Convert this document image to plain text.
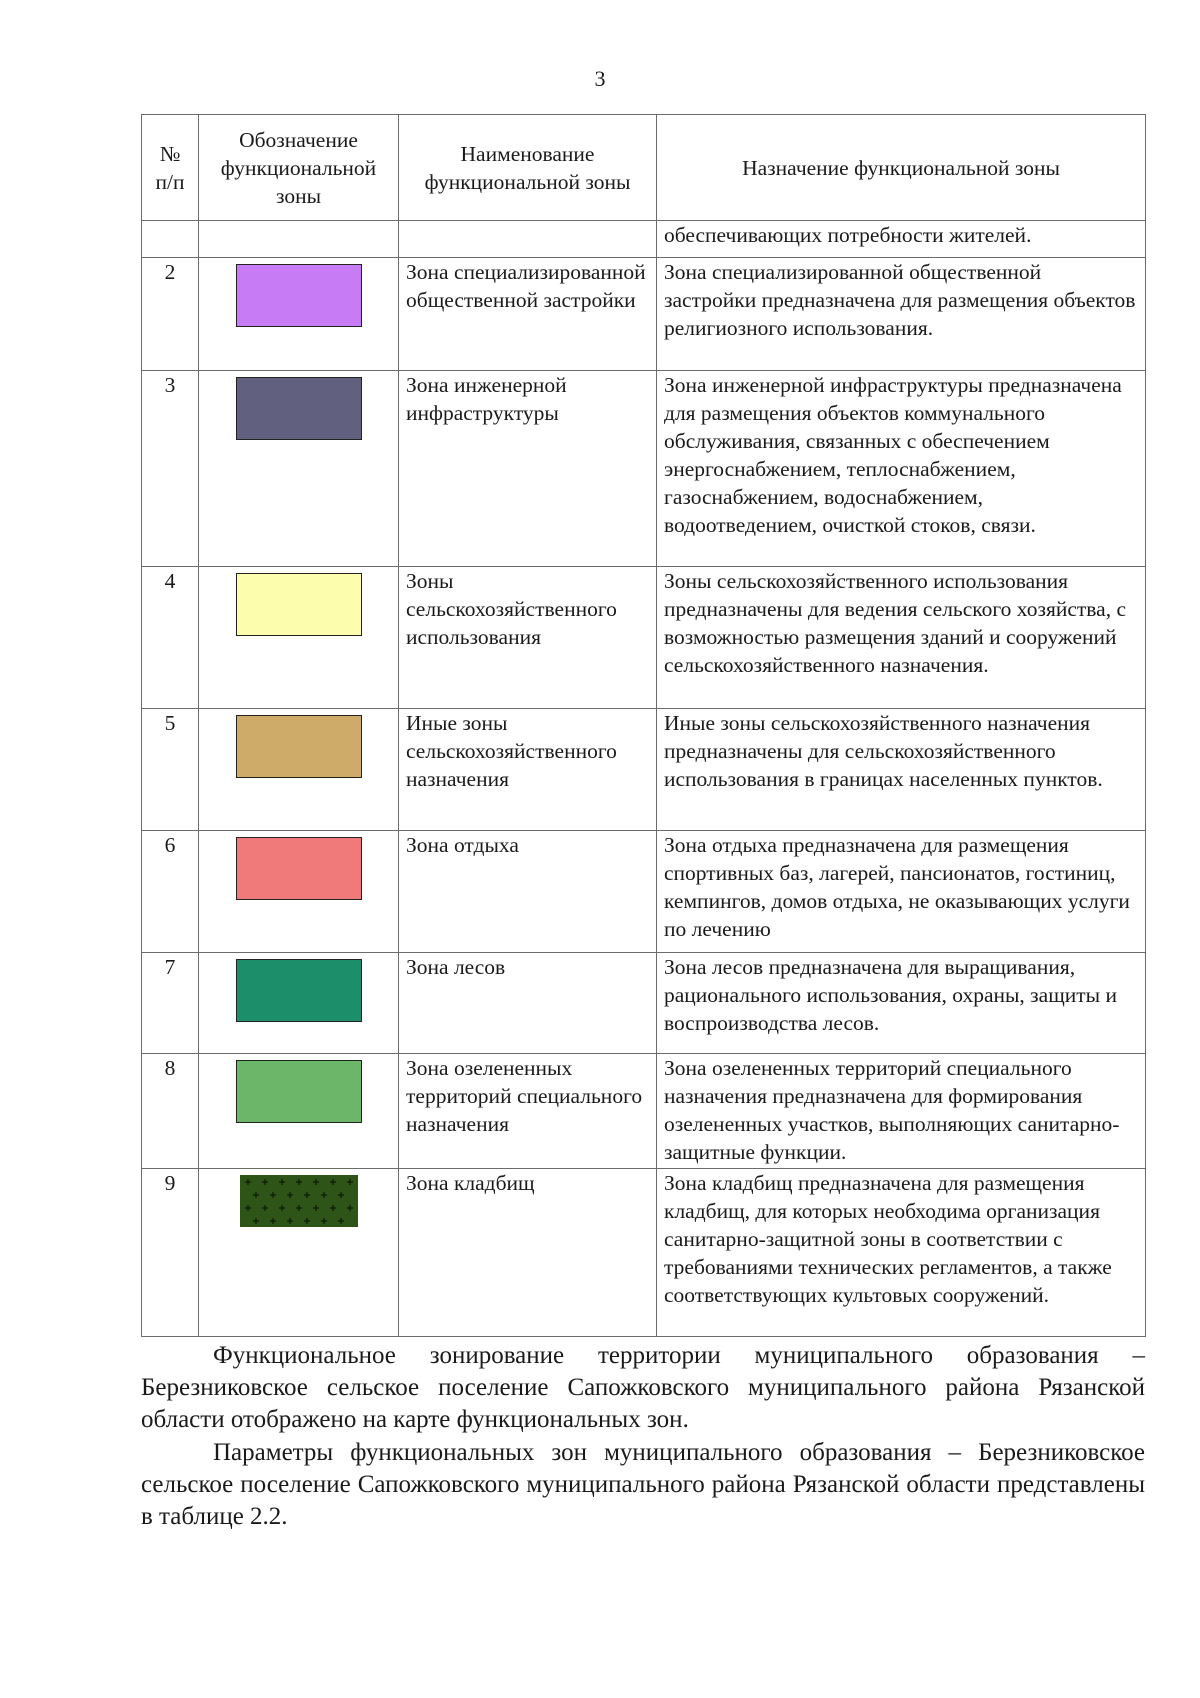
3
№ п/п	Обозначение функциональной зоны	Наименование функциональной зоны	Назначение функциональной зоны
			обеспечивающих потребности жителей.
2		Зона специализированной общественной застройки	Зона специализированной общественной застройки предназначена для размещения объектов религиозного использования.
3		Зона инженерной инфраструктуры	Зона инженерной инфраструктуры предназначена для размещения объектов коммунального обслуживания, связанных с обеспечением энергоснабжением, теплоснабжением, газоснабжением, водоснабжением, водоотведением, очисткой стоков, связи.
4		Зоны сельскохозяйственного использования	Зоны сельскохозяйственного использования предназначены для ведения сельского хозяйства, с возможностью размещения зданий и сооружений сельскохозяйственного назначения.
5		Иные зоны сельскохозяйственного назначения	Иные зоны сельскохозяйственного назначения предназначены для сельскохозяйственного использования в границах населенных пунктов.
6		Зона отдыха	Зона отдыха предназначена для размещения спортивных баз, лагерей, пансионатов, гостиниц, кемпингов, домов отдыха, не оказывающих услуги по лечению
7		Зона лесов	Зона лесов предназначена для выращивания, рационального использования, охраны, защиты и воспроизводства лесов.
8		Зона озелененных территорий специального назначения	Зона озелененных территорий специального назначения предназначена для формирования озелененных участков, выполняющих санитарно-защитные функции.
9		Зона кладбищ	Зона кладбищ предназначена для размещения кладбищ, для которых необходима организация санитарно-защитной зоны в соответствии с требованиями технических регламентов, а также соответствующих культовых сооружений.

Функциональное зонирование территории муниципального образования – Березниковское сельское поселение Сапожковского муниципального района Рязанской области отображено на карте функциональных зон.

Параметры функциональных зон муниципального образования – Березниковское сельское поселение Сапожковского муниципального района Рязанской области представлены в таблице 2.2.
